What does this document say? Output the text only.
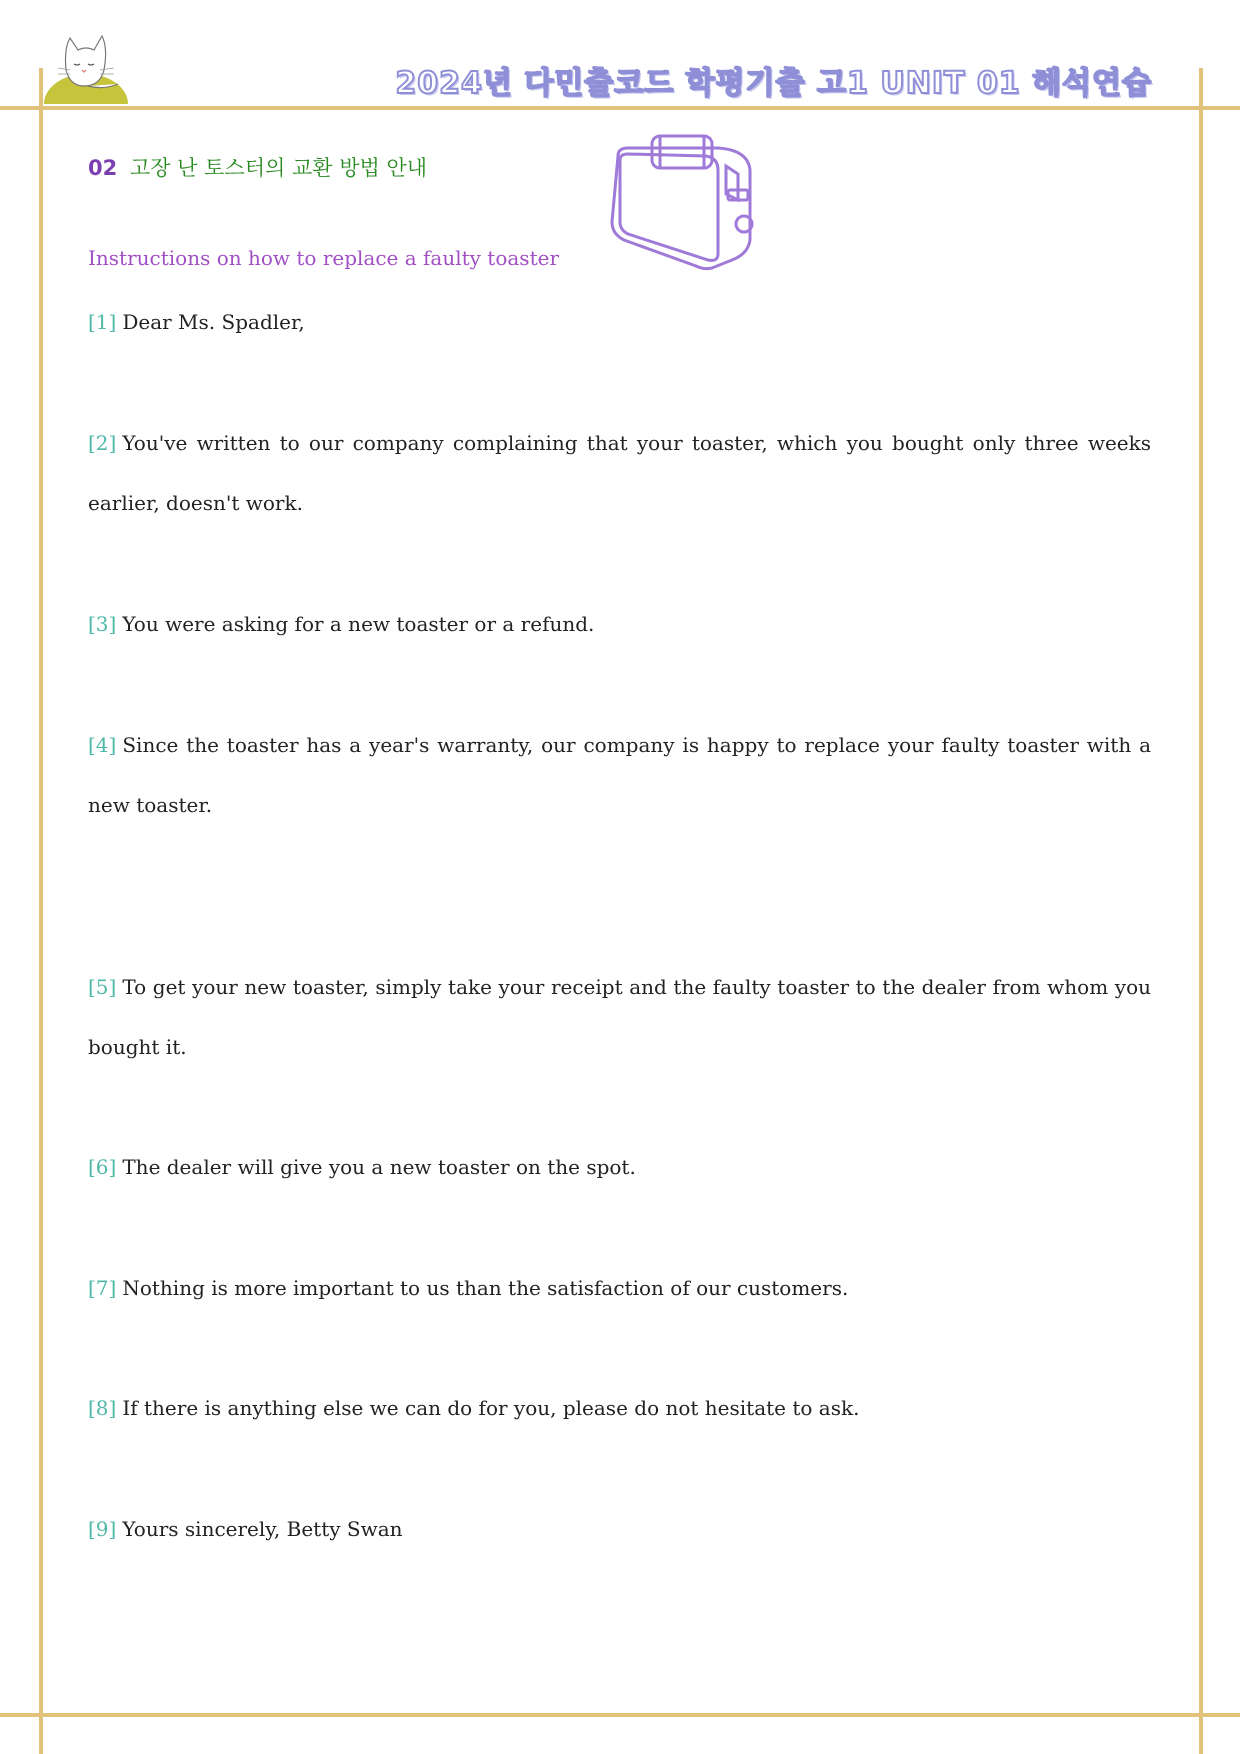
2024년 다민출코드 학평기출 고1 UNIT 01 해석연습
02 고장 난 토스터의 교환 방법 안내
Instructions on how to replace a faulty toaster
[1] Dear Ms. Spadler,
[2] You've written to our company complaining that your toaster, which you bought only three weeks earlier, doesn't work.
[3] You were asking for a new toaster or a refund.
[4] Since the toaster has a year's warranty, our company is happy to replace your faulty toaster with a new toaster.
[5] To get your new toaster, simply take your receipt and the faulty toaster to the dealer from whom you bought it.
[6] The dealer will give you a new toaster on the spot.
[7] Nothing is more important to us than the satisfaction of our customers.
[8] If there is anything else we can do for you, please do not hesitate to ask.
[9] Yours sincerely, Betty Swan
